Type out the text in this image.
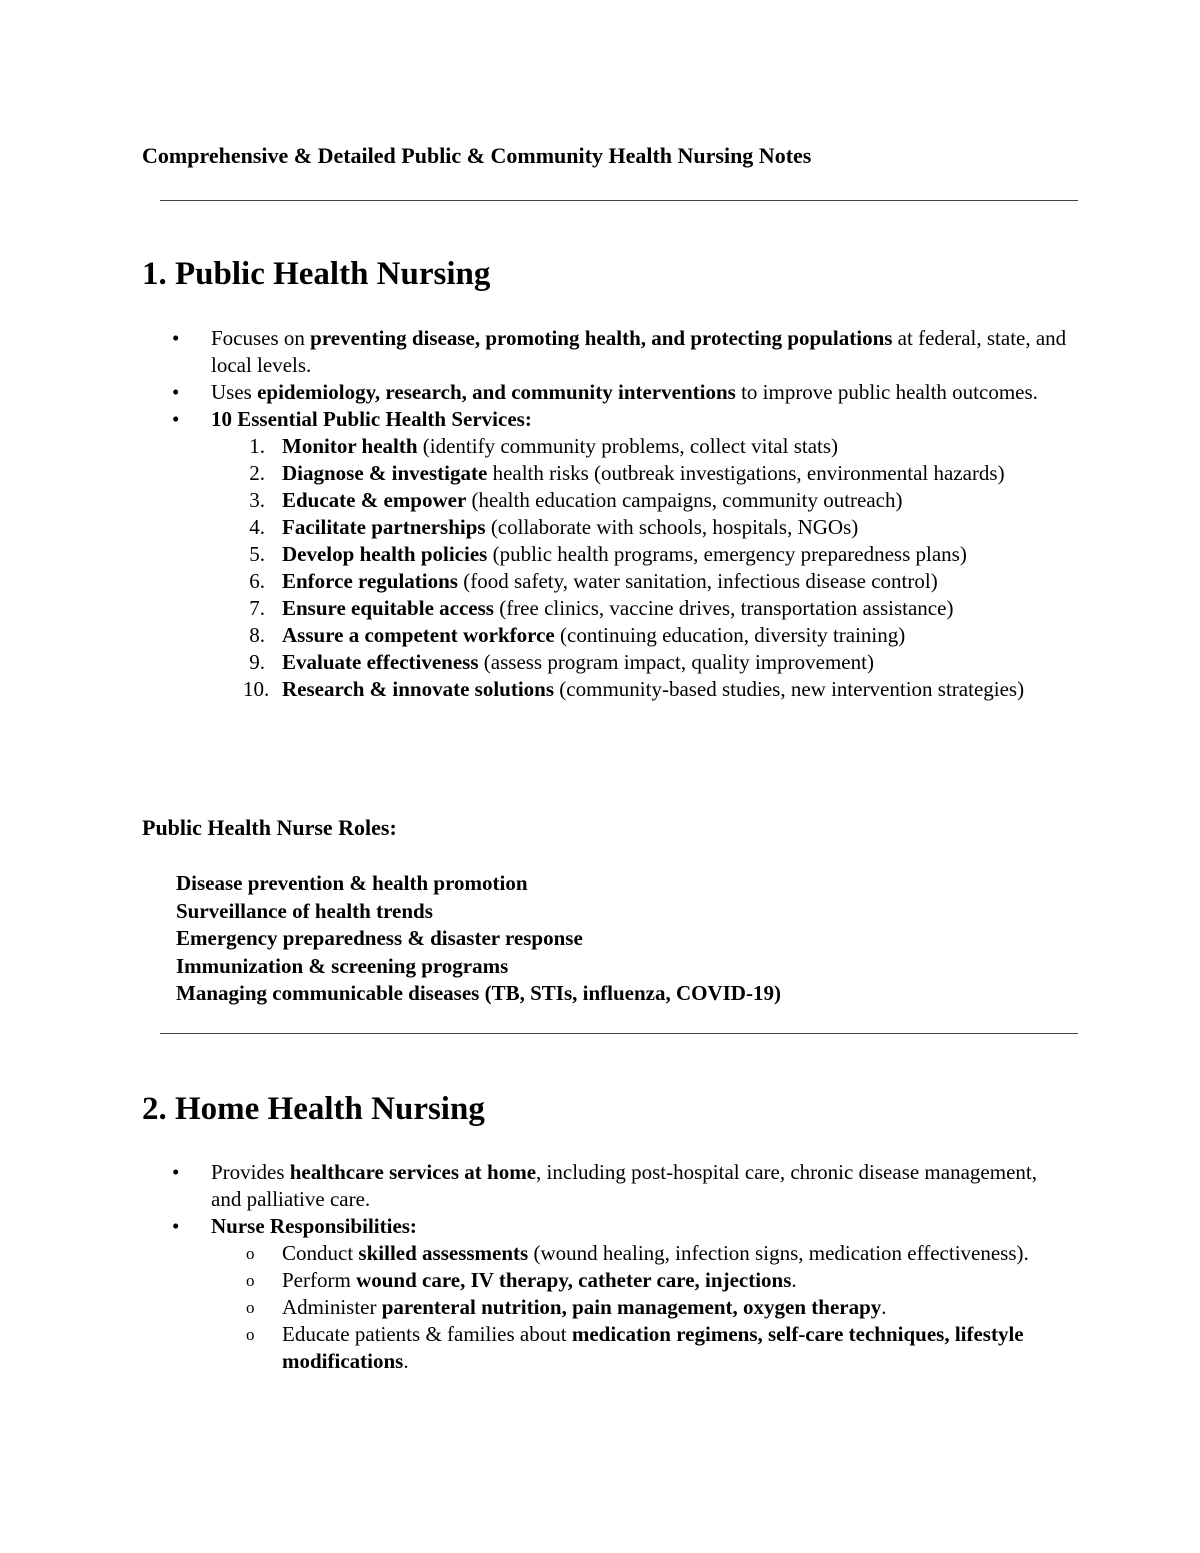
Comprehensive & Detailed Public & Community Health Nursing Notes
1. Public Health Nursing
• Focuses on preventing disease, promoting health, and protecting populations at federal, state, and local levels.
• Uses epidemiology, research, and community interventions to improve public health outcomes.
• 10 Essential Public Health Services:
1. Monitor health (identify community problems, collect vital stats)
2. Diagnose & investigate health risks (outbreak investigations, environmental hazards)
3. Educate & empower (health education campaigns, community outreach)
4. Facilitate partnerships (collaborate with schools, hospitals, NGOs)
5. Develop health policies (public health programs, emergency preparedness plans)
6. Enforce regulations (food safety, water sanitation, infectious disease control)
7. Ensure equitable access (free clinics, vaccine drives, transportation assistance)
8. Assure a competent workforce (continuing education, diversity training)
9. Evaluate effectiveness (assess program impact, quality improvement)
10. Research & innovate solutions (community-based studies, new intervention strategies)
Public Health Nurse Roles:
Disease prevention & health promotion
Surveillance of health trends
Emergency preparedness & disaster response
Immunization & screening programs
Managing communicable diseases (TB, STIs, influenza, COVID-19)
2. Home Health Nursing
• Provides healthcare services at home, including post-hospital care, chronic disease management, and palliative care.
• Nurse Responsibilities:
o Conduct skilled assessments (wound healing, infection signs, medication effectiveness).
o Perform wound care, IV therapy, catheter care, injections.
o Administer parenteral nutrition, pain management, oxygen therapy.
o Educate patients & families about medication regimens, self-care techniques, lifestyle modifications.
